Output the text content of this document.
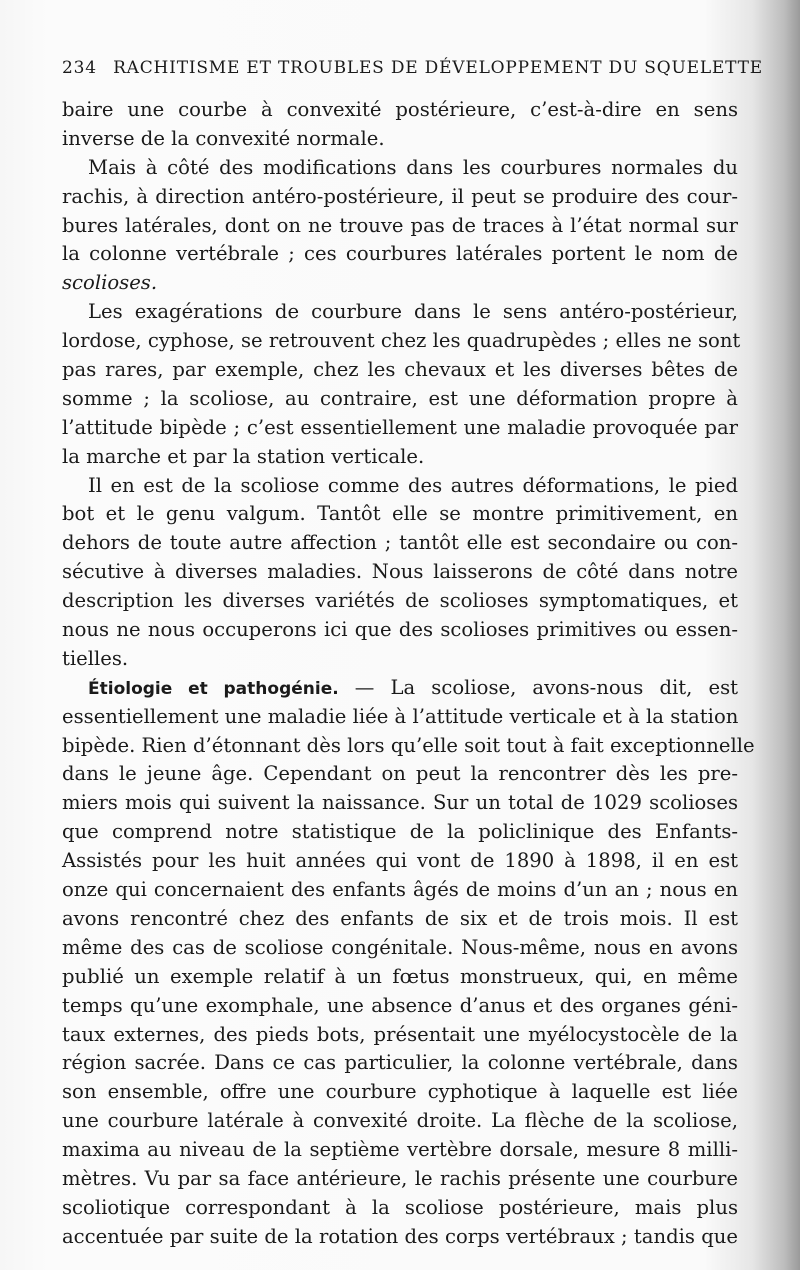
234 RACHITISME ET TROUBLES DE DÉVELOPPEMENT DU SQUELETTE
baire une courbe à convexité postérieure, c’est-à-dire en sens
inverse de la convexité normale.
Mais à côté des modifications dans les courbures normales du
rachis, à direction antéro-postérieure, il peut se produire des cour-
bures latérales, dont on ne trouve pas de traces à l’état normal sur
la colonne vertébrale ; ces courbures latérales portent le nom de
scolioses.
Les exagérations de courbure dans le sens antéro-postérieur,
lordose, cyphose, se retrouvent chez les quadrupèdes ; elles ne sont
pas rares, par exemple, chez les chevaux et les diverses bêtes de
somme ; la scoliose, au contraire, est une déformation propre à
l’attitude bipède ; c’est essentiellement une maladie provoquée par
la marche et par la station verticale.
Il en est de la scoliose comme des autres déformations, le pied
bot et le genu valgum. Tantôt elle se montre primitivement, en
dehors de toute autre affection ; tantôt elle est secondaire ou con-
sécutive à diverses maladies. Nous laisserons de côté dans notre
description les diverses variétés de scolioses symptomatiques, et
nous ne nous occuperons ici que des scolioses primitives ou essen-
tielles.
Étiologie et pathogénie. — La scoliose, avons-nous dit, est
essentiellement une maladie liée à l’attitude verticale et à la station
bipède. Rien d’étonnant dès lors qu’elle soit tout à fait exceptionnelle
dans le jeune âge. Cependant on peut la rencontrer dès les pre-
miers mois qui suivent la naissance. Sur un total de 1029 scolioses
que comprend notre statistique de la policlinique des Enfants-
Assistés pour les huit années qui vont de 1890 à 1898, il en est
onze qui concernaient des enfants âgés de moins d’un an ; nous en
avons rencontré chez des enfants de six et de trois mois. Il est
même des cas de scoliose congénitale. Nous-même, nous en avons
publié un exemple relatif à un fœtus monstrueux, qui, en même
temps qu’une exomphale, une absence d’anus et des organes géni-
taux externes, des pieds bots, présentait une myélocystocèle de la
région sacrée. Dans ce cas particulier, la colonne vertébrale, dans
son ensemble, offre une courbure cyphotique à laquelle est liée
une courbure latérale à convexité droite. La flèche de la scoliose,
maxima au niveau de la septième vertèbre dorsale, mesure 8 milli-
mètres. Vu par sa face antérieure, le rachis présente une courbure
scoliotique correspondant à la scoliose postérieure, mais plus
accentuée par suite de la rotation des corps vertébraux ; tandis que
